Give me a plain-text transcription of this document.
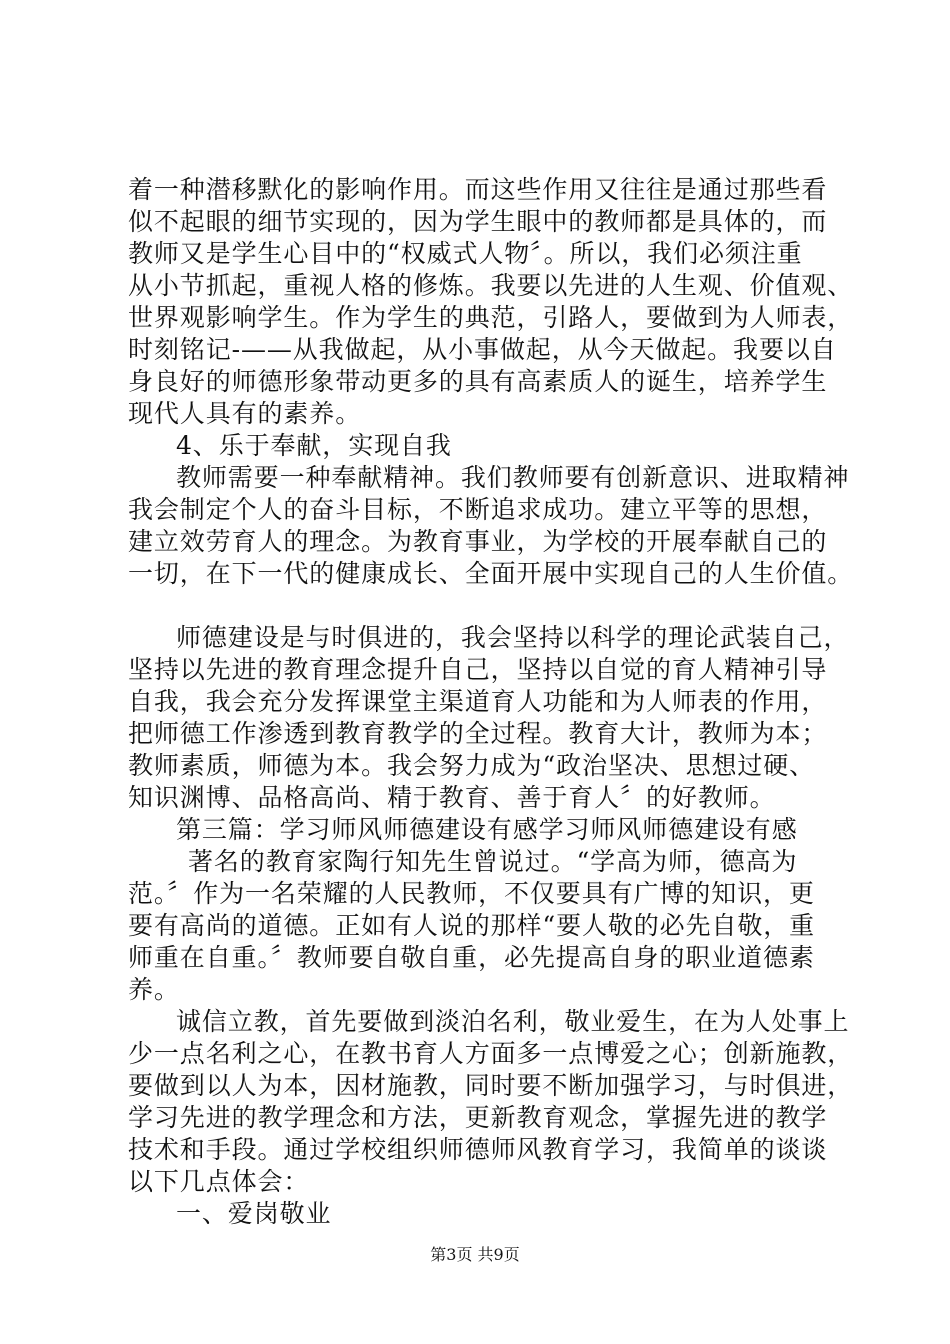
着一种潜移默化的影响作用。而这些作用又往往是通过那些看
似不起眼的细节实现的，因为学生眼中的教师都是具体的，而
教师又是学生心目中的“权威式人物〞。所以，我们必须注重
从小节抓起，重视人格的修炼。我要以先进的人生观、价值观、
世界观影响学生。作为学生的典范，引路人，要做到为人师表，
时刻铭记-——从我做起，从小事做起，从今天做起。我要以自
身良好的师德形象带动更多的具有高素质人的诞生，培养学生
现代人具有的素养。
4、乐于奉献，实现自我
教师需要一种奉献精神。我们教师要有创新意识、进取精神
我会制定个人的奋斗目标，不断追求成功。建立平等的思想，
建立效劳育人的理念。为教育事业，为学校的开展奉献自己的
一切，在下一代的健康成长、全面开展中实现自己的人生价值。
师德建设是与时俱进的，我会坚持以科学的理论武装自己，
坚持以先进的教育理念提升自己，坚持以自觉的育人精神引导
自我，我会充分发挥课堂主渠道育人功能和为人师表的作用，
把师德工作渗透到教育教学的全过程。教育大计，教师为本；
教师素质，师德为本。我会努力成为“政治坚决、思想过硬、
知识渊博、品格高尚、精于教育、善于育人〞的好教师。
第三篇：学习师风师德建设有感学习师风师德建设有感
著名的教育家陶行知先生曾说过。“学高为师，德高为
范。〞作为一名荣耀的人民教师，不仅要具有广博的知识，更
要有高尚的道德。正如有人说的那样“要人敬的必先自敬，重
师重在自重。〞教师要自敬自重，必先提高自身的职业道德素
养。
诚信立教，首先要做到淡泊名利，敬业爱生，在为人处事上
少一点名利之心，在教书育人方面多一点博爱之心；创新施教，
要做到以人为本，因材施教，同时要不断加强学习，与时俱进，
学习先进的教学理念和方法，更新教育观念，掌握先进的教学
技术和手段。通过学校组织师德师风教育学习，我简单的谈谈
以下几点体会：
一、爱岗敬业
第3页 共9页
